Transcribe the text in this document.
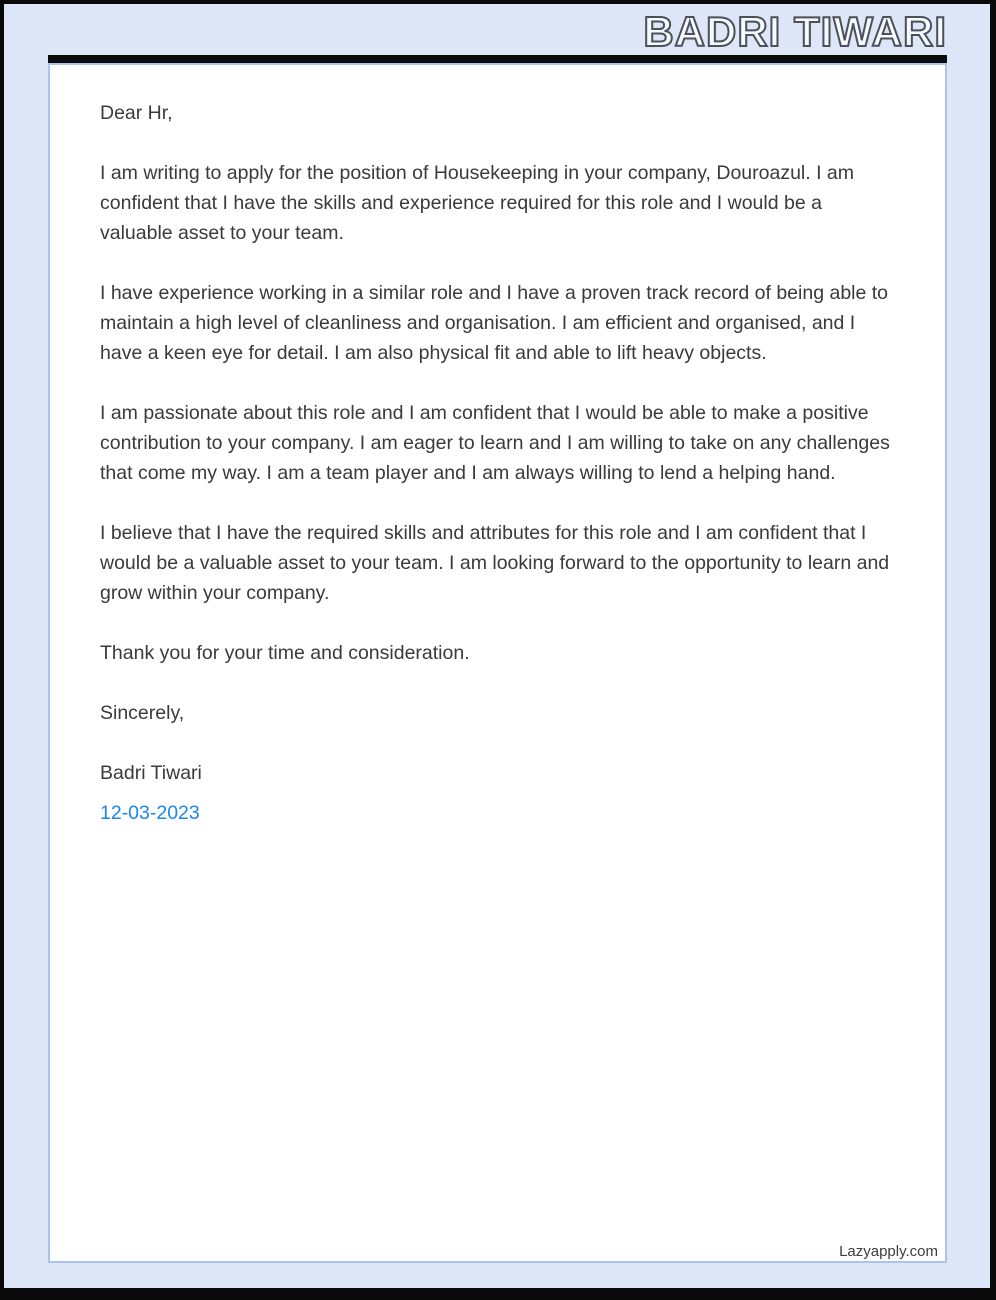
BADRI TIWARI

Dear Hr,

I am writing to apply for the position of Housekeeping in your company, Douroazul. I am confident that I have the skills and experience required for this role and I would be a valuable asset to your team.

I have experience working in a similar role and I have a proven track record of being able to maintain a high level of cleanliness and organisation. I am efficient and organised, and I have a keen eye for detail. I am also physical fit and able to lift heavy objects.

I am passionate about this role and I am confident that I would be able to make a positive contribution to your company. I am eager to learn and I am willing to take on any challenges that come my way. I am a team player and I am always willing to lend a helping hand.

I believe that I have the required skills and attributes for this role and I am confident that I would be a valuable asset to your team. I am looking forward to the opportunity to learn and grow within your company.

Thank you for your time and consideration.

Sincerely,

Badri Tiwari

12-03-2023

Lazyapply.com
